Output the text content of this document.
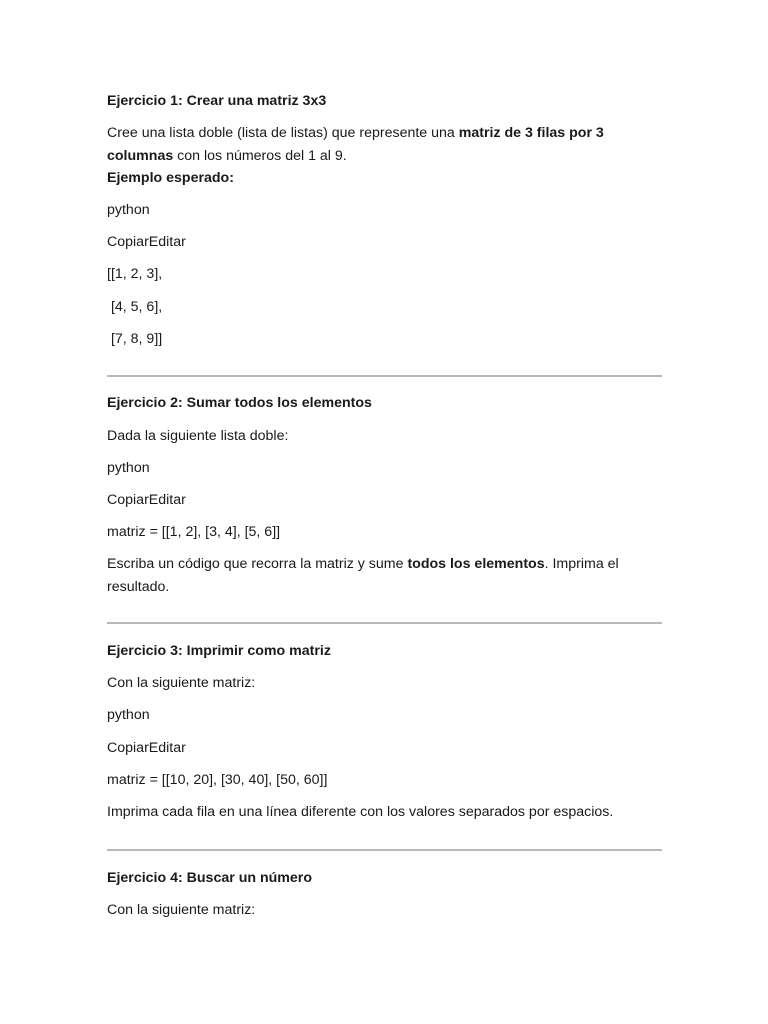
Ejercicio 1: Crear una matriz 3x3

Cree una lista doble (lista de listas) que represente una matriz de 3 filas por 3

columnas con los números del 1 al 9.

Ejemplo esperado:

python

CopiarEditar

[[1, 2, 3],

[4, 5, 6],

[7, 8, 9]]

Ejercicio 2: Sumar todos los elementos

Dada la siguiente lista doble:

python

CopiarEditar

matriz = [[1, 2], [3, 4], [5, 6]]

Escriba un código que recorra la matriz y sume todos los elementos. Imprima el

resultado.

Ejercicio 3: Imprimir como matriz

Con la siguiente matriz:

python

CopiarEditar

matriz = [[10, 20], [30, 40], [50, 60]]

Imprima cada fila en una línea diferente con los valores separados por espacios.

Ejercicio 4: Buscar un número

Con la siguiente matriz:
